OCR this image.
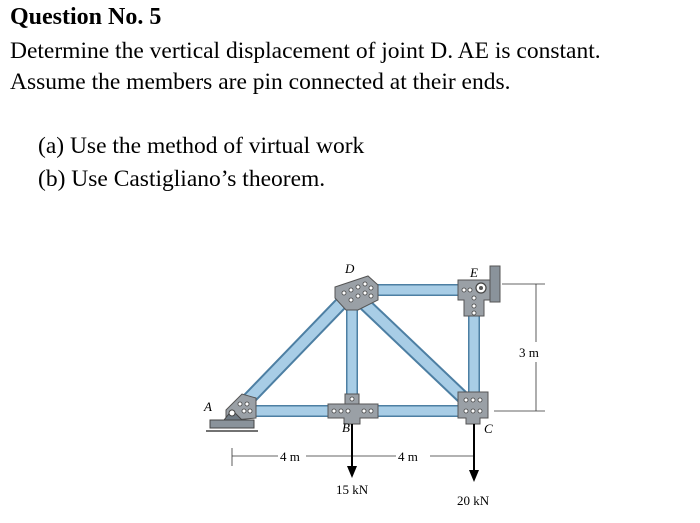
Question No. 5
Determine the vertical displacement of joint D. AE is constant.
Assume the members are pin connected at their ends.
(a) Use the method of virtual work
(b) Use Castigliano’s theorem.
D	E
A
B	C
4 m	4 m
3 m
15 kN
20 kN
